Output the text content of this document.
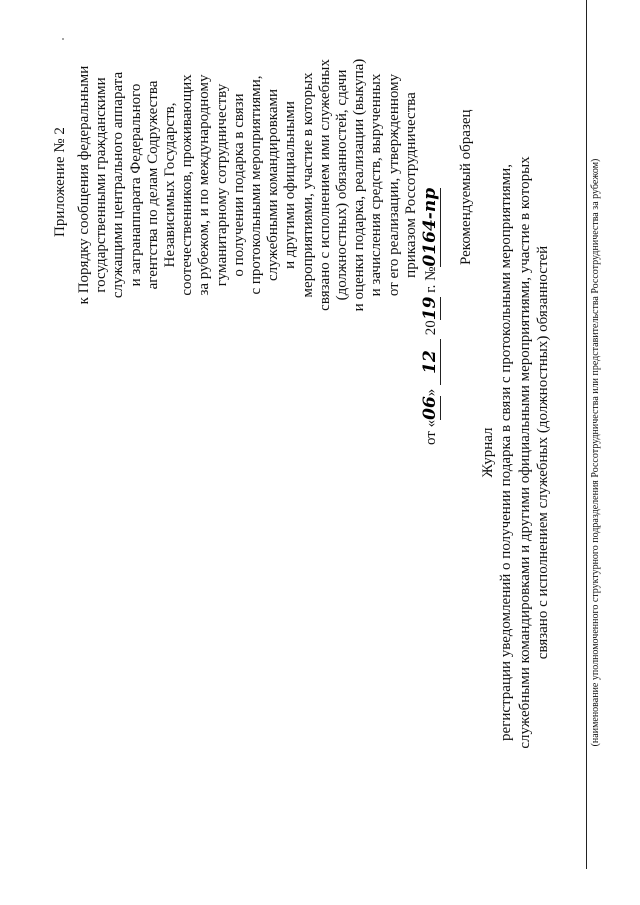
Приложение № 2 к Порядку сообщения федеральными государственными гражданскими служащими центрального аппарата и загранаппарата Федерального агентства по делам Содружества Независимых Государств, соотечественников, проживающих за рубежом, и по международному гуманитарному сотрудничеству о получении подарка в связи с протокольными мероприятиями, служебными командировками и другими официальными мероприятиями, участие в которых связано с исполнением ими служебных (должностных) обязанностей, сдачи и оценки подарка, реализации (выкупа) и зачисления средств, вырученных от его реализации, утвержденному приказом Россотрудничества
от «06» 12 2019 г. №0164-пр Рекомендуемый образец
Журнал регистрации уведомлений о получении подарка в связи с протокольными мероприятиями, служебными командировками и другими официальными мероприятиями, участие в которых связано с исполнением служебных (должностных) обязанностей	(наименование уполномоченного структурного подразделения Россотрудничества или представительства Россотрудничества за рубежом)
